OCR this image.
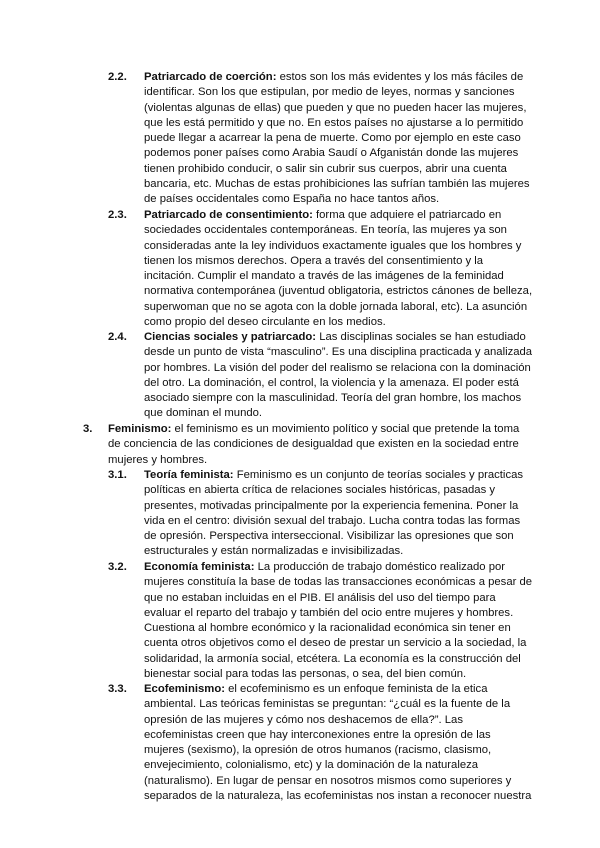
2.2. Patriarcado de coerción: estos son los más evidentes y los más fáciles de
identificar. Son los que estipulan, por medio de leyes, normas y sanciones
(violentas algunas de ellas) que pueden y que no pueden hacer las mujeres,
que les está permitido y que no. En estos países no ajustarse a lo permitido
puede llegar a acarrear la pena de muerte. Como por ejemplo en este caso
podemos poner países como Arabia Saudí o Afganistán donde las mujeres
tienen prohibido conducir, o salir sin cubrir sus cuerpos, abrir una cuenta
bancaria, etc. Muchas de estas prohibiciones las sufrían también las mujeres
de países occidentales como España no hace tantos años.
2.3. Patriarcado de consentimiento: forma que adquiere el patriarcado en
sociedades occidentales contemporáneas. En teoría, las mujeres ya son
consideradas ante la ley individuos exactamente iguales que los hombres y
tienen los mismos derechos. Opera a través del consentimiento y la
incitación. Cumplir el mandato a través de las imágenes de la feminidad
normativa contemporánea (juventud obligatoria, estrictos cánones de belleza,
superwoman que no se agota con la doble jornada laboral, etc). La asunción
como propio del deseo circulante en los medios.
2.4. Ciencias sociales y patriarcado: Las disciplinas sociales se han estudiado
desde un punto de vista “masculino”. Es una disciplina practicada y analizada
por hombres. La visión del poder del realismo se relaciona con la dominación
del otro. La dominación, el control, la violencia y la amenaza. El poder está
asociado siempre con la masculinidad. Teoría del gran hombre, los machos
que dominan el mundo.
3. Feminismo: el feminismo es un movimiento político y social que pretende la toma
de conciencia de las condiciones de desigualdad que existen en la sociedad entre
mujeres y hombres.
3.1. Teoría feminista: Feminismo es un conjunto de teorías sociales y practicas
políticas en abierta crítica de relaciones sociales históricas, pasadas y
presentes, motivadas principalmente por la experiencia femenina. Poner la
vida en el centro: división sexual del trabajo. Lucha contra todas las formas
de opresión. Perspectiva interseccional. Visibilizar las opresiones que son
estructurales y están normalizadas e invisibilizadas.
3.2. Economía feminista: La producción de trabajo doméstico realizado por
mujeres constituía la base de todas las transacciones económicas a pesar de
que no estaban incluidas en el PIB. El análisis del uso del tiempo para
evaluar el reparto del trabajo y también del ocio entre mujeres y hombres.
Cuestiona al hombre económico y la racionalidad económica sin tener en
cuenta otros objetivos como el deseo de prestar un servicio a la sociedad, la
solidaridad, la armonía social, etcétera. La economía es la construcción del
bienestar social para todas las personas, o sea, del bien común.
3.3. Ecofeminismo: el ecofeminismo es un enfoque feminista de la etica
ambiental. Las teóricas feministas se preguntan: “¿cuál es la fuente de la
opresión de las mujeres y cómo nos deshacemos de ella?”. Las
ecofeministas creen que hay interconexiones entre la opresión de las
mujeres (sexismo), la opresión de otros humanos (racismo, clasismo,
envejecimiento, colonialismo, etc) y la dominación de la naturaleza
(naturalismo). En lugar de pensar en nosotros mismos como superiores y
separados de la naturaleza, las ecofeministas nos instan a reconocer nuestra
